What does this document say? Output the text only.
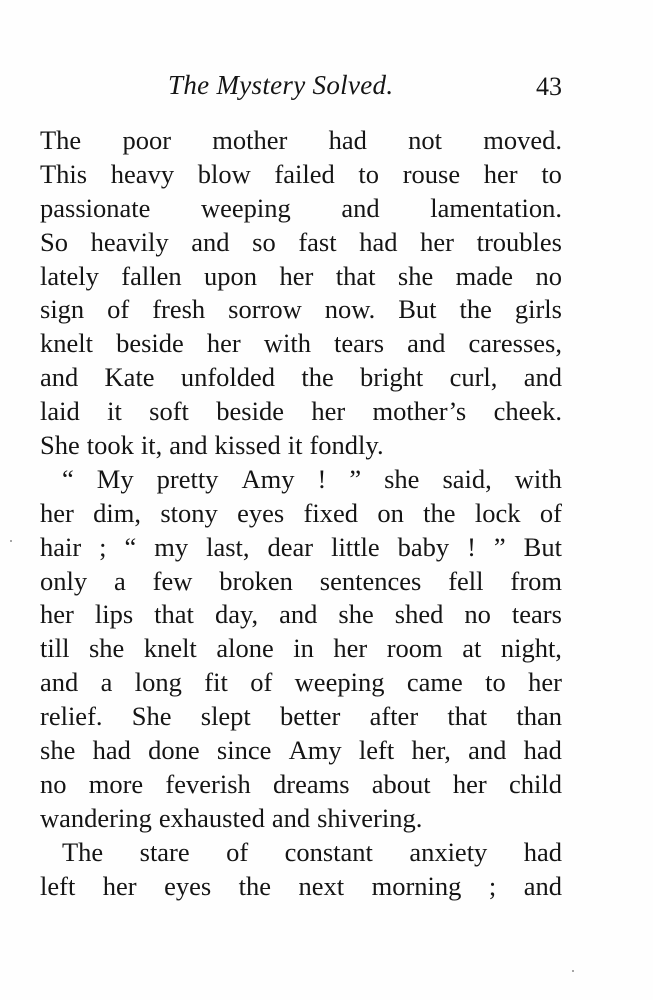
The Mystery Solved.	43
The poor mother had not moved.
This heavy blow failed to rouse her to
passionate weeping and lamentation.
So heavily and so fast had her troubles
lately fallen upon her that she made no
sign of fresh sorrow now. But the girls
knelt beside her with tears and caresses,
and Kate unfolded the bright curl, and
laid it soft beside her mother’s cheek.
She took it, and kissed it fondly.
“ My pretty Amy ! ” she said, with
her dim, stony eyes fixed on the lock of
hair ; “ my last, dear little baby ! ” But
only a few broken sentences fell from
her lips that day, and she shed no tears
till she knelt alone in her room at night,
and a long fit of weeping came to her
relief. She slept better after that than
she had done since Amy left her, and had
no more feverish dreams about her child
wandering exhausted and shivering.
The stare of constant anxiety had
left her eyes the next morning ; and
